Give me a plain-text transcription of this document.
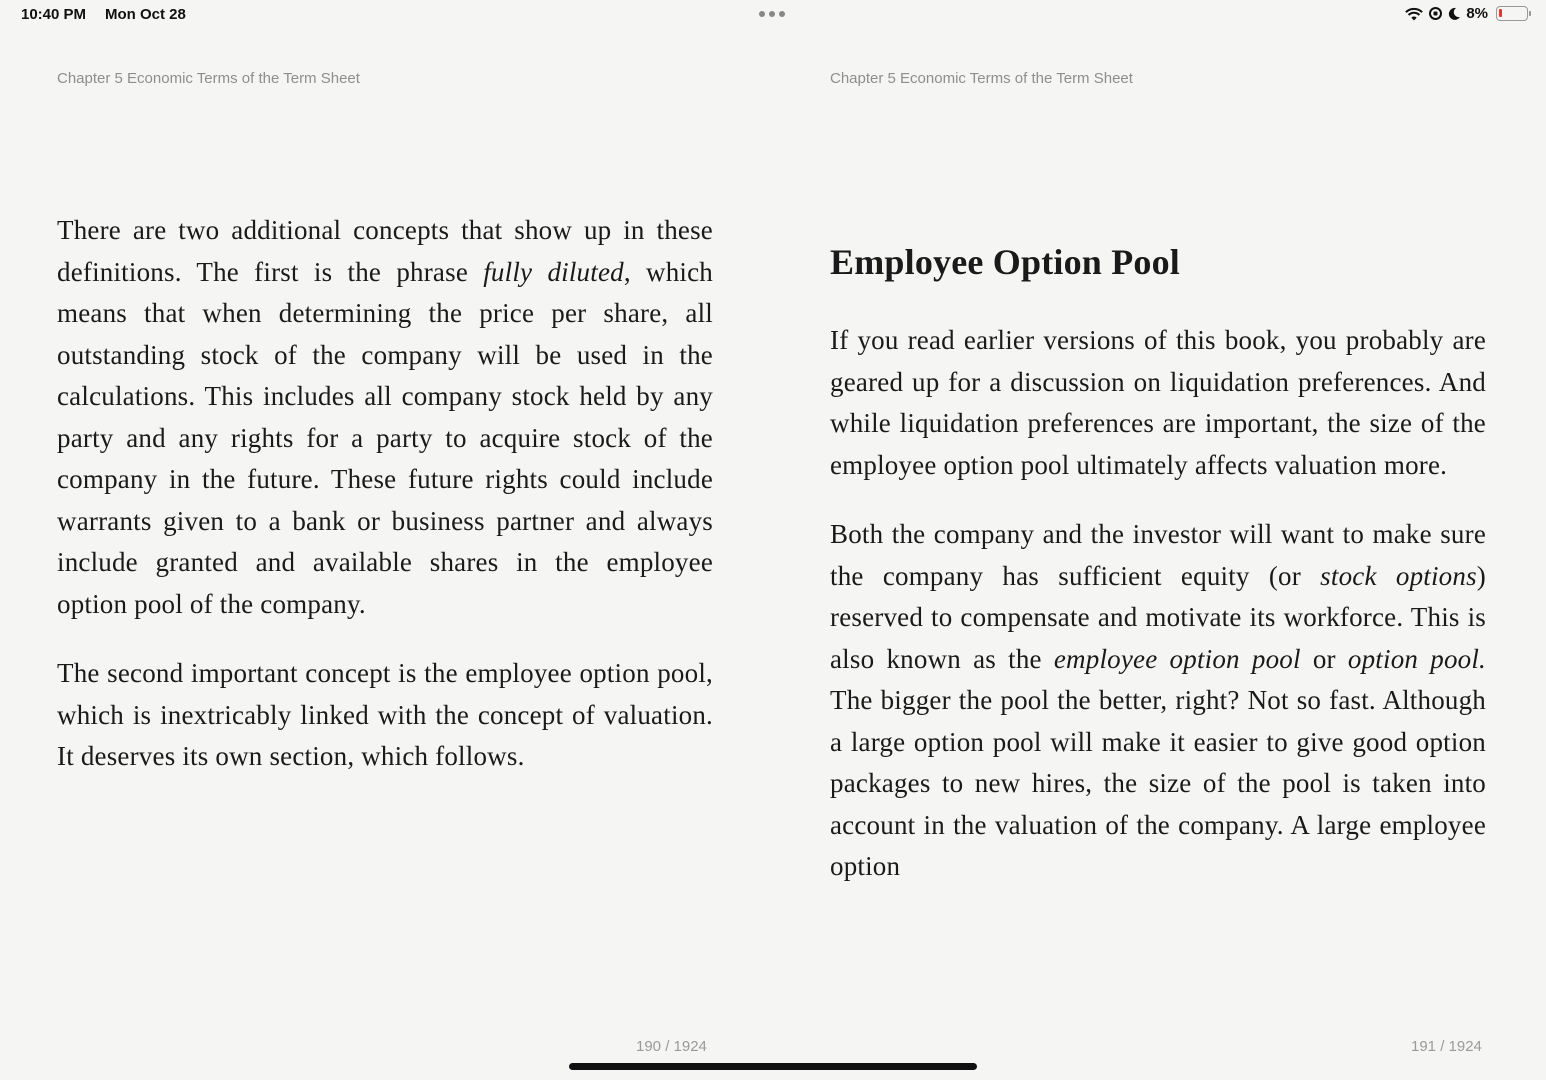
10:40 PM Mon Oct 28	8%
Chapter 5 Economic Terms of the Term Sheet	Chapter 5 Economic Terms of the Term Sheet

There are two additional concepts that show up in these definitions. The first is the phrase fully diluted, which means that when determining the price per share, all outstanding stock of the company will be used in the calculations. This includes all company stock held by any party and any rights for a party to acquire stock of the company in the future. These future rights could include warrants given to a bank or business partner and always include granted and available shares in the employee option pool of the company.

The second important concept is the employee option pool, which is inextricably linked with the concept of valuation. It deserves its own section, which follows.

Employee Option Pool

If you read earlier versions of this book, you probably are geared up for a discussion on liquidation preferences. And while liquidation preferences are important, the size of the employee option pool ultimately affects valuation more.

Both the company and the investor will want to make sure the company has sufficient equity (or stock options) reserved to compensate and motivate its workforce. This is also known as the employee option pool or option pool. The bigger the pool the better, right? Not so fast. Although a large option pool will make it easier to give good option packages to new hires, the size of the pool is taken into account in the valuation of the company. A large employee option

190 / 1924	191 / 1924
